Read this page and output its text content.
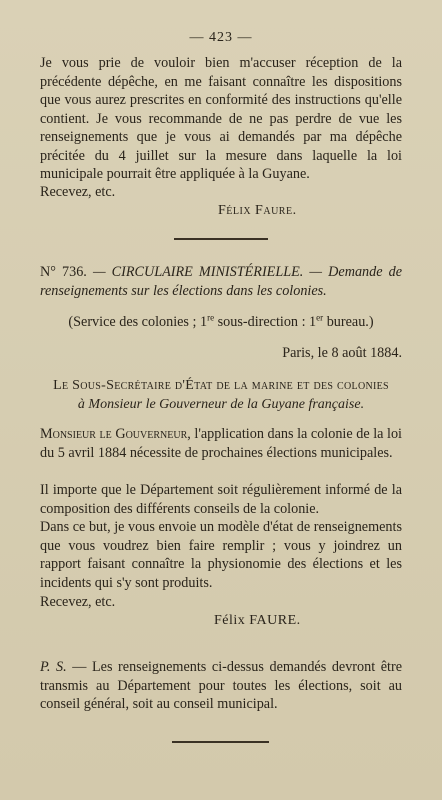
— 423 —
Je vous prie de vouloir bien m'accuser réception de la précédente dépêche, en me faisant connaître les dispositions que vous aurez prescrites en conformité des instructions qu'elle contient. Je vous recommande de ne pas perdre de vue les renseignements que je vous ai demandés par ma dépêche précitée du 4 juillet sur la mesure dans laquelle la loi municipale pourrait être appliquée à la Guyane.
Recevez, etc.
Félix Faure.
N° 736. — CIRCULAIRE MINISTÉRIELLE. — Demande de renseignements sur les élections dans les colonies.
(Service des colonies ; 1re sous-direction : 1er bureau.)
Paris, le 8 août 1884.
Le Sous-Secrétaire d'État de la marine et des colonies
à Monsieur le Gouverneur de la Guyane française.
Monsieur le Gouverneur, l'application dans la colonie de la loi du 5 avril 1884 nécessite de prochaines élections municipales.
Il importe que le Département soit régulièrement informé de la composition des différents conseils de la colonie.
Dans ce but, je vous envoie un modèle d'état de renseignements que vous voudrez bien faire remplir ; vous y joindrez un rapport faisant connaître la physionomie des élections et les incidents qui s'y sont produits.
Recevez, etc.
Félix FAURE.
P. S. — Les renseignements ci-dessus demandés devront être transmis au Département pour toutes les élections, soit au conseil général, soit au conseil municipal.
